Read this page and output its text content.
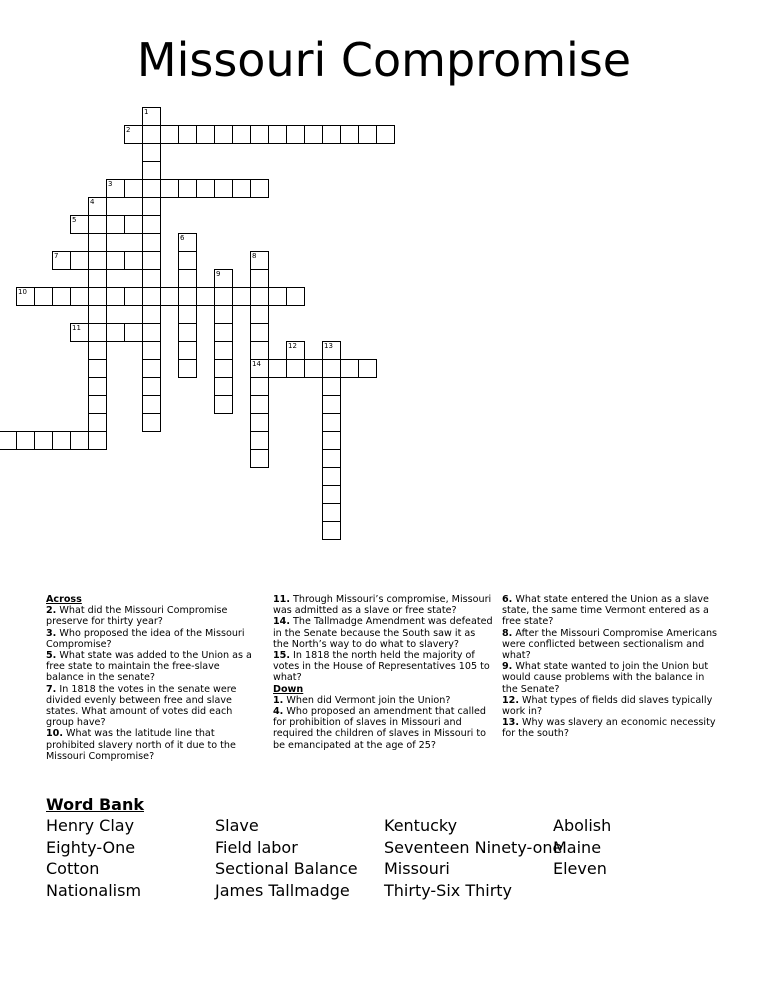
Missouri Compromise
1
2
3
4
5
6
7	8
14
9
10
11
12	13

Across

2. What did the Missouri Compromise preserve for thirty year?

3. Who proposed the idea of the Missouri Compromise?

5. What state was added to the Union as a free state to maintain the free-slave balance in the senate?

7. In 1818 the votes in the senate were divided evenly between free and slave states. What amount of votes did each group have?

10. What was the latitude line that prohibited slavery north of it due to the Missouri Compromise?

11. Through Missouri’s compromise, Missouri was admitted as a slave or free state?

14. The Tallmadge Amendment was defeated in the Senate because the South saw it as the North’s way to do what to slavery?

15. In 1818 the north held the majority of votes in the House of Representatives 105 to what?

Down

1. When did Vermont join the Union?

4. Who proposed an amendment that called for prohibition of slaves in Missouri and required the children of slaves in Missouri to be emancipated at the age of 25?

6. What state entered the Union as a slave state, the same time Vermont entered as a free state?

8. After the Missouri Compromise Americans were conflicted between sectionalism and what?

9. What state wanted to join the Union but would cause problems with the balance in the Senate?

12. What types of fields did slaves typically work in?

13. Why was slavery an economic necessity for the south?

Word Bank
Henry Clay
Eighty-One
Cotton
Nationalism
Slave
Field labor
Sectional Balance
James Tallmadge
Kentucky
Seventeen Ninety-one
Missouri
Thirty-Six Thirty
Abolish
Maine
Eleven
